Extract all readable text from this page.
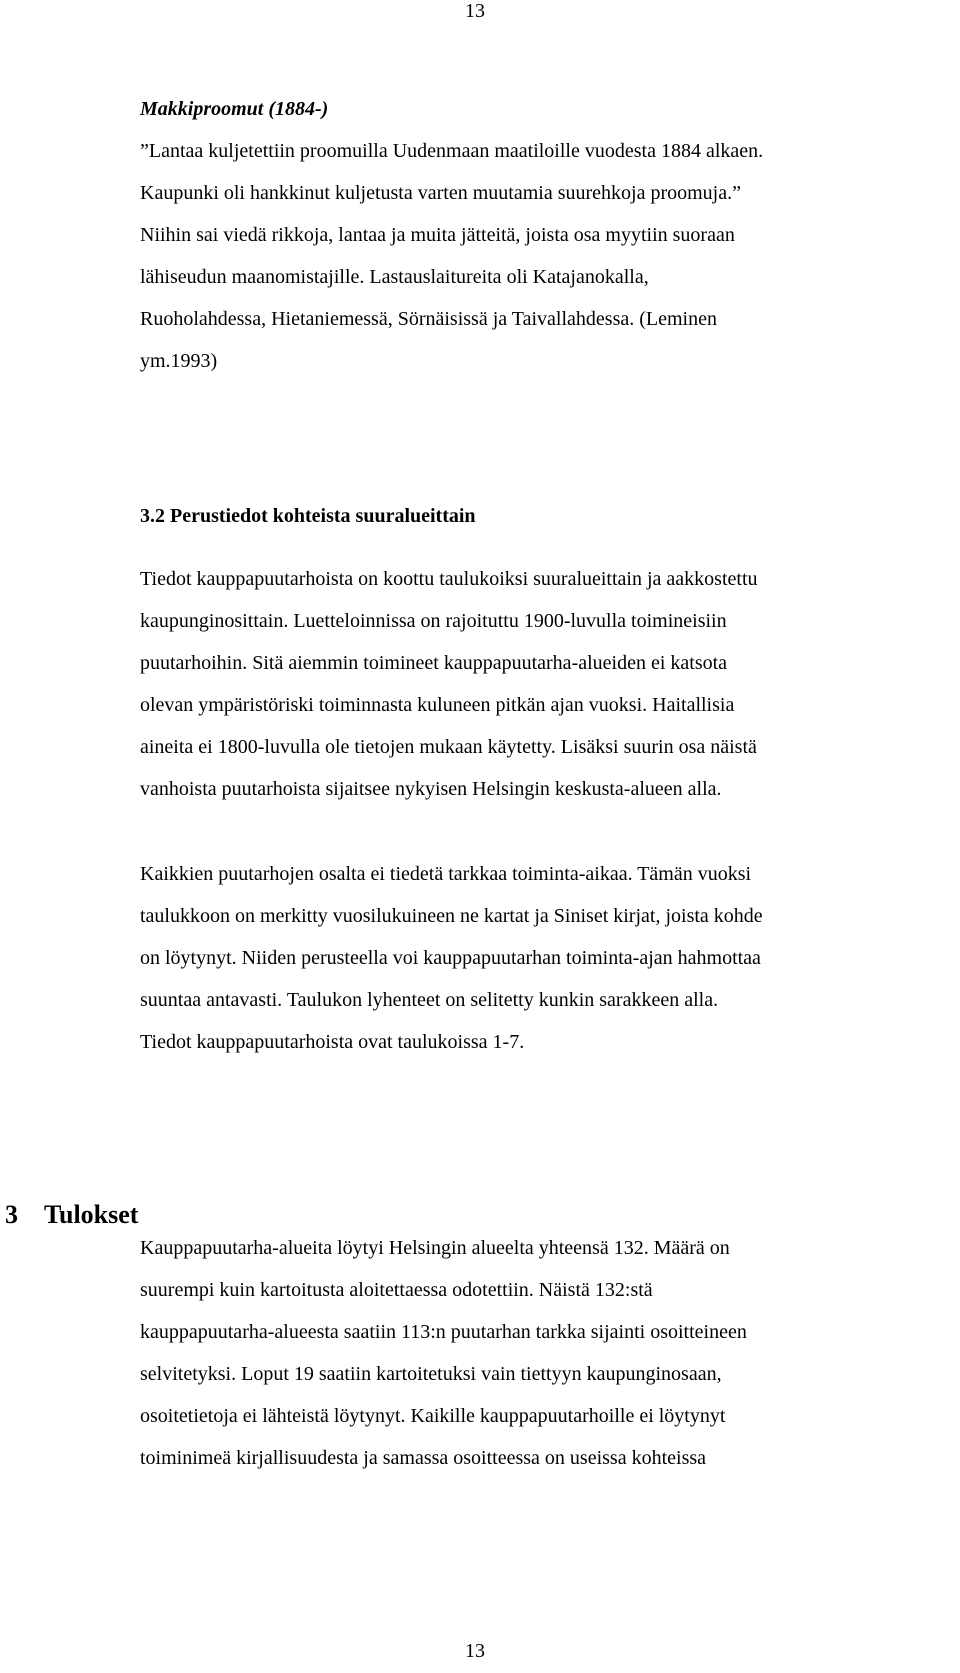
13
Makkiproomut (1884-)
”Lantaa kuljetettiin proomuilla Uudenmaan maatiloille vuodesta 1884 alkaen.
Kaupunki oli hankkinut kuljetusta varten muutamia suurehkoja proomuja.”
Niihin sai viedä rikkoja, lantaa ja muita jätteitä, joista osa myytiin suoraan
lähiseudun maanomistajille. Lastauslaitureita oli Katajanokalla,
Ruoholahdessa, Hietaniemessä, Sörnäisissä ja Taivallahdessa. (Leminen
ym.1993)
3.2 Perustiedot kohteista suuralueittain
Tiedot kauppapuutarhoista on koottu taulukoiksi suuralueittain ja aakkostettu
kaupunginosittain. Luetteloinnissa on rajoituttu 1900-luvulla toimineisiin
puutarhoihin. Sitä aiemmin toimineet kauppapuutarha-alueiden ei katsota
olevan ympäristöriski toiminnasta kuluneen pitkän ajan vuoksi. Haitallisia
aineita ei 1800-luvulla ole tietojen mukaan käytetty. Lisäksi suurin osa näistä
vanhoista puutarhoista sijaitsee nykyisen Helsingin keskusta-alueen alla.
Kaikkien puutarhojen osalta ei tiedetä tarkkaa toiminta-aikaa. Tämän vuoksi
taulukkoon on merkitty vuosilukuineen ne kartat ja Siniset kirjat, joista kohde
on löytynyt. Niiden perusteella voi kauppapuutarhan toiminta-ajan hahmottaa
suuntaa antavasti. Taulukon lyhenteet on selitetty kunkin sarakkeen alla.
Tiedot kauppapuutarhoista ovat taulukoissa 1-7.
3 Tulokset
Kauppapuutarha-alueita löytyi Helsingin alueelta yhteensä 132. Määrä on
suurempi kuin kartoitusta aloitettaessa odotettiin. Näistä 132:stä
kauppapuutarha-alueesta saatiin 113:n puutarhan tarkka sijainti osoitteineen
selvitetyksi. Loput 19 saatiin kartoitetuksi vain tiettyyn kaupunginosaan,
osoitetietoja ei lähteistä löytynyt. Kaikille kauppapuutarhoille ei löytynyt
toiminimeä kirjallisuudesta ja samassa osoitteessa on useissa kohteissa
13
